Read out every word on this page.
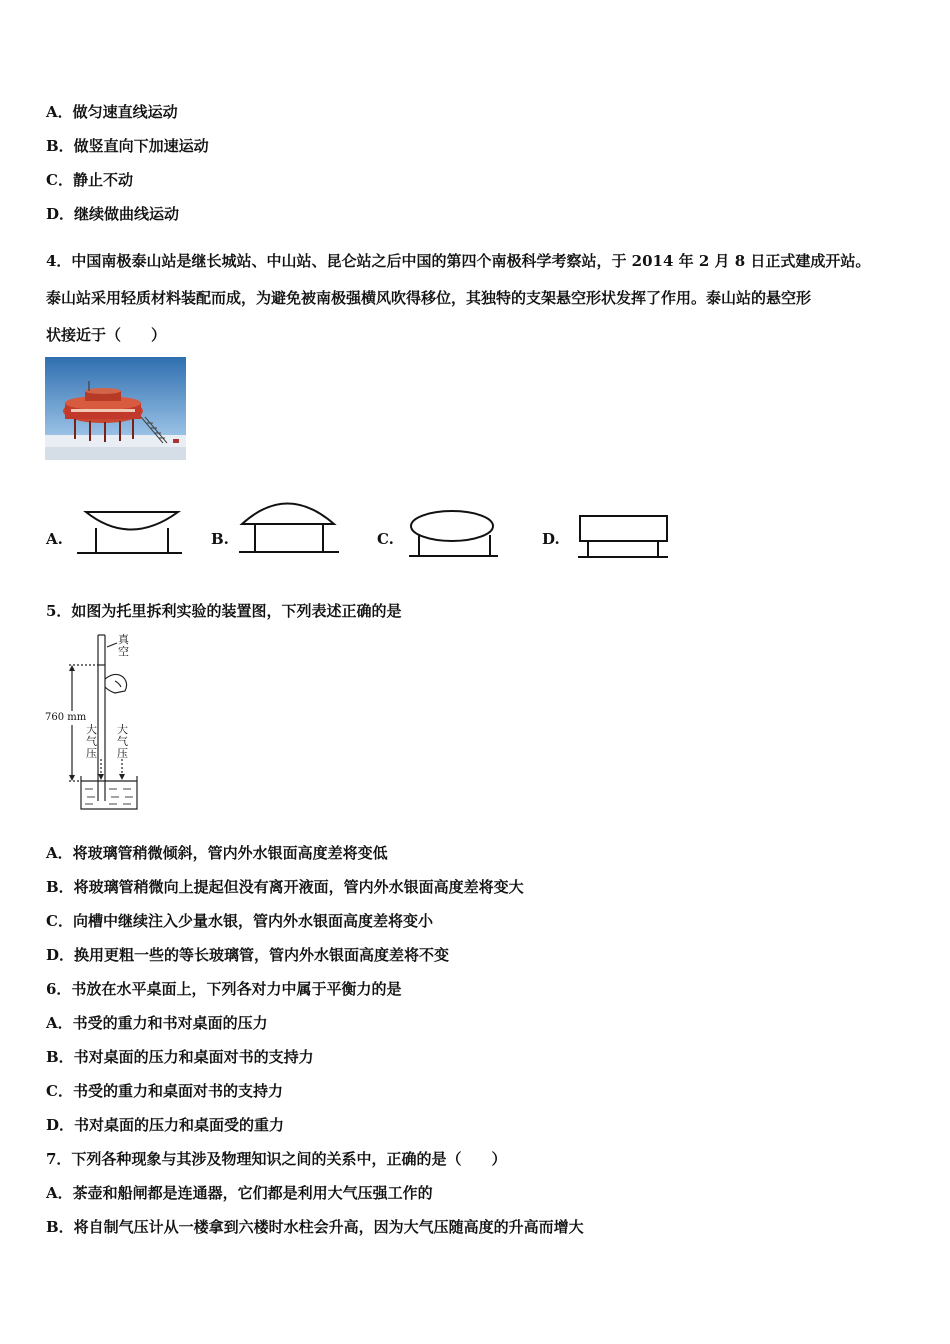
A．做匀速直线运动
B．做竖直向下加速运动
C．静止不动
D．继续做曲线运动
4．中国南极泰山站是继长城站、中山站、昆仑站之后中国的第四个南极科学考察站，于 2014 年 2 月 8 日正式建成开站。
泰山站采用轻质材料装配而成，为避免被南极强横风吹得移位，其独特的支架悬空形状发挥了作用。泰山站的悬空形
状接近于（　　）
A.	B.	C.	D.
5．如图为托里拆利实验的装置图，下列表述正确的是
真空
760 mm
大气压
大气压
A．将玻璃管稍微倾斜，管内外水银面高度差将变低
B．将玻璃管稍微向上提起但没有离开液面，管内外水银面高度差将变大
C．向槽中继续注入少量水银，管内外水银面高度差将变小
D．换用更粗一些的等长玻璃管，管内外水银面高度差将不变
6．书放在水平桌面上，下列各对力中属于平衡力的是
A．书受的重力和书对桌面的压力
B．书对桌面的压力和桌面对书的支持力
C．书受的重力和桌面对书的支持力
D．书对桌面的压力和桌面受的重力
7．下列各种现象与其涉及物理知识之间的关系中，正确的是（　　）
A．茶壶和船闸都是连通器，它们都是利用大气压强工作的
B．将自制气压计从一楼拿到六楼时水柱会升高，因为大气压随高度的升高而增大
